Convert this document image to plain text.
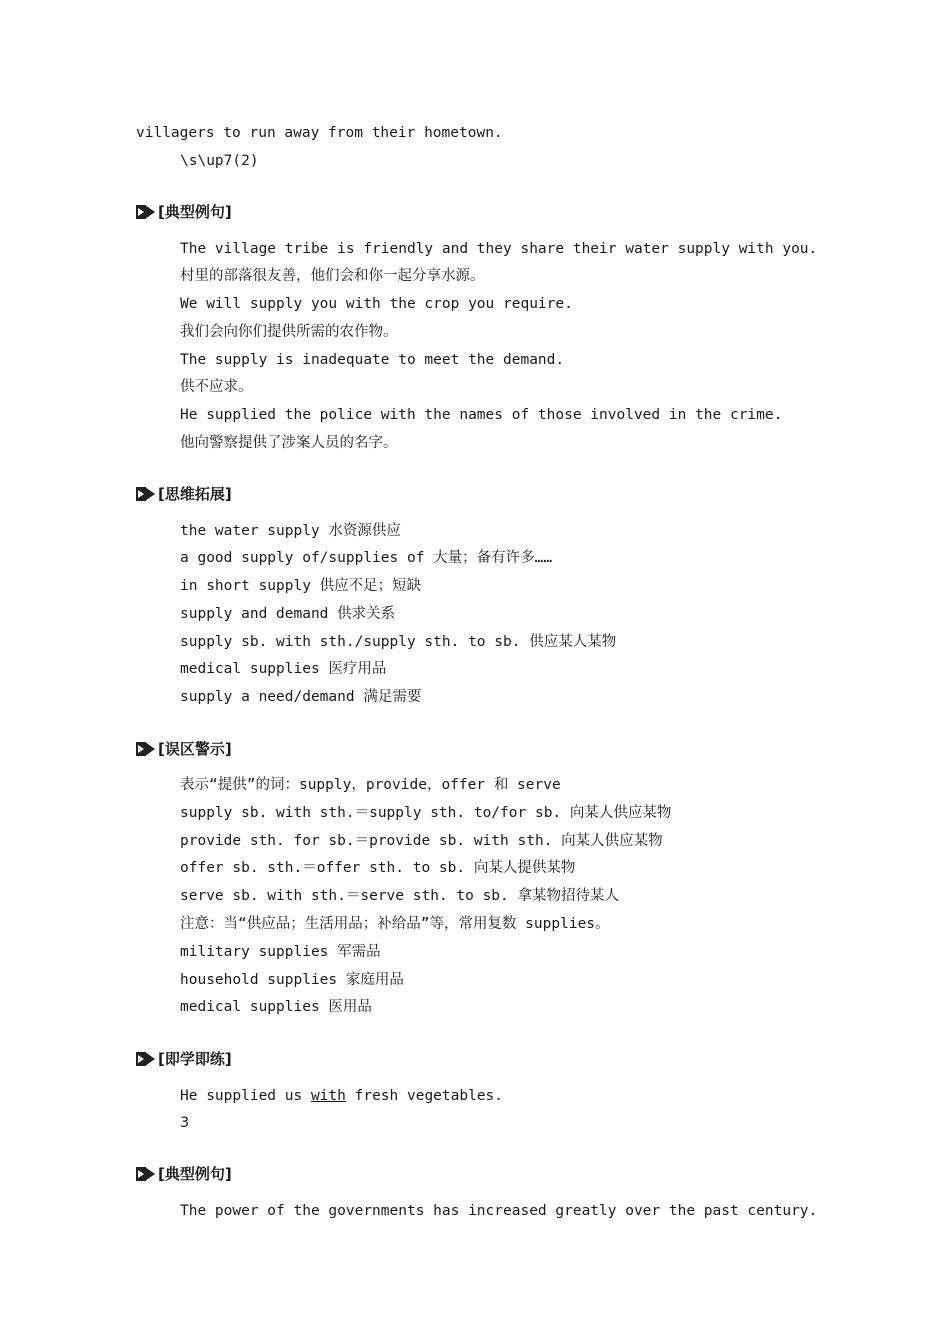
villagers to run away from their hometown.
\s\up7(2)
[典型例句]
The village tribe is friendly and they share their water supply with you.
村里的部落很友善，他们会和你一起分享水源。
We will supply you with the crop you require.
我们会向你们提供所需的农作物。
The supply is inadequate to meet the demand.
供不应求。
He supplied the police with the names of those involved in the crime.
他向警察提供了涉案人员的名字。
[思维拓展]
the water supply 水资源供应
a good supply of/supplies of 大量；备有许多……
in short supply 供应不足；短缺
supply and demand 供求关系
supply sb. with sth./supply sth. to sb. 供应某人某物
medical supplies 医疗用品
supply a need/demand 满足需要
[误区警示]
表示“提供”的词：supply，provide，offer 和 serve
supply sb. with sth.＝supply sth. to/for sb. 向某人供应某物
provide sth. for sb.＝provide sb. with sth. 向某人供应某物
offer sb. sth.＝offer sth. to sb. 向某人提供某物
serve sb. with sth.＝serve sth. to sb. 拿某物招待某人
注意：当“供应品；生活用品；补给品”等，常用复数 supplies。
military supplies 军需品
household supplies 家庭用品
medical supplies 医用品
[即学即练]
He supplied us with fresh vegetables.
3
[典型例句]
The power of the governments has increased greatly over the past century.
